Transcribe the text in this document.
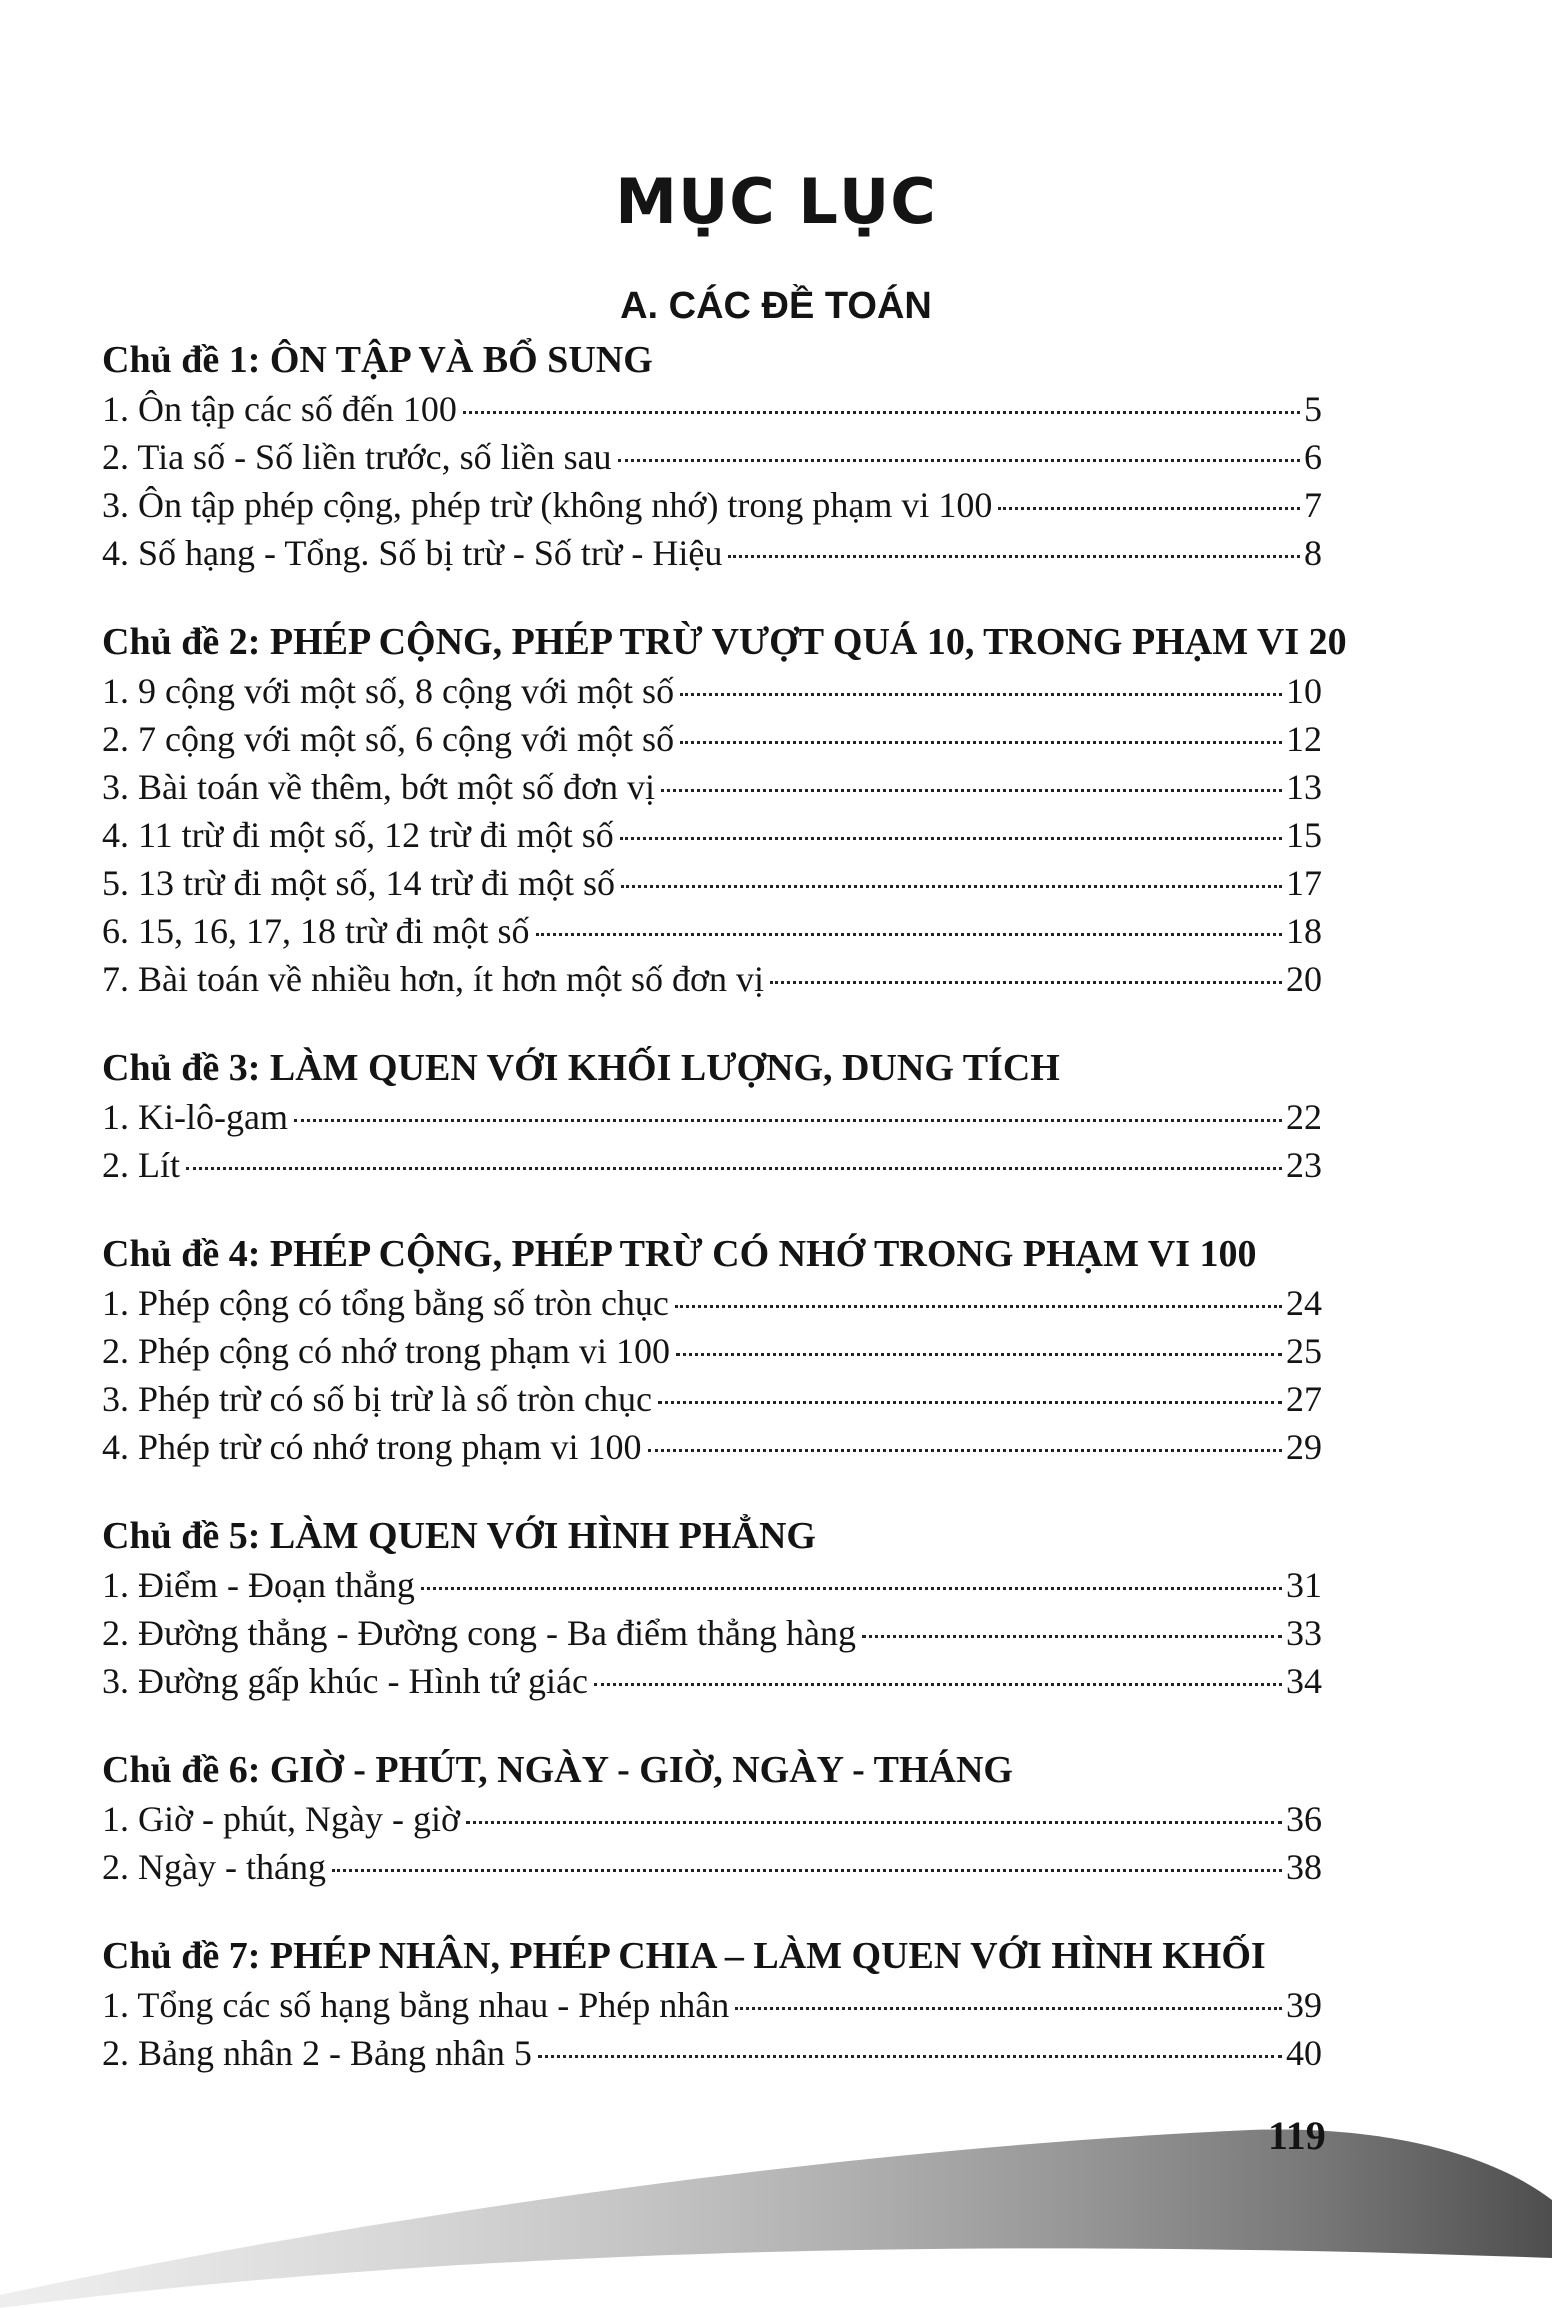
MỤC LỤC
A. CÁC ĐỀ TOÁN
Chủ đề 1: ÔN TẬP VÀ BỔ SUNG
1. Ôn tập các số đến 100	5
2. Tia số - Số liền trước, số liền sau	6
3. Ôn tập phép cộng, phép trừ (không nhớ) trong phạm vi 100	7
4. Số hạng - Tổng. Số bị trừ - Số trừ - Hiệu	8
Chủ đề 2: PHÉP CỘNG, PHÉP TRỪ VƯỢT QUÁ 10, TRONG PHẠM VI 20
1. 9 cộng với một số, 8 cộng với một số	10
2. 7 cộng với một số, 6 cộng với một số	12
3. Bài toán về thêm, bớt một số đơn vị	13
4. 11 trừ đi một số, 12 trừ đi một số	15
5. 13 trừ đi một số, 14 trừ đi một số	17
6. 15, 16, 17, 18 trừ đi một số	18
7. Bài toán về nhiều hơn, ít hơn một số đơn vị	20
Chủ đề 3: LÀM QUEN VỚI KHỐI LƯỢNG, DUNG TÍCH
1. Ki-lô-gam	22
2. Lít	23
Chủ đề 4: PHÉP CỘNG, PHÉP TRỪ CÓ NHỚ TRONG PHẠM VI 100
1. Phép cộng có tổng bằng số tròn chục	24
2. Phép cộng có nhớ trong phạm vi 100	25
3. Phép trừ có số bị trừ là số tròn chục	27
4. Phép trừ có nhớ trong phạm vi 100	29
Chủ đề 5: LÀM QUEN VỚI HÌNH PHẲNG
1. Điểm - Đoạn thẳng	31
2. Đường thẳng - Đường cong - Ba điểm thẳng hàng	33
3. Đường gấp khúc - Hình tứ giác	34
Chủ đề 6: GIỜ - PHÚT, NGÀY - GIỜ, NGÀY - THÁNG
1. Giờ - phút, Ngày - giờ	36
2. Ngày - tháng	38
Chủ đề 7: PHÉP NHÂN, PHÉP CHIA – LÀM QUEN VỚI HÌNH KHỐI
1. Tổng các số hạng bằng nhau - Phép nhân	39
2. Bảng nhân 2 - Bảng nhân 5	40

119
